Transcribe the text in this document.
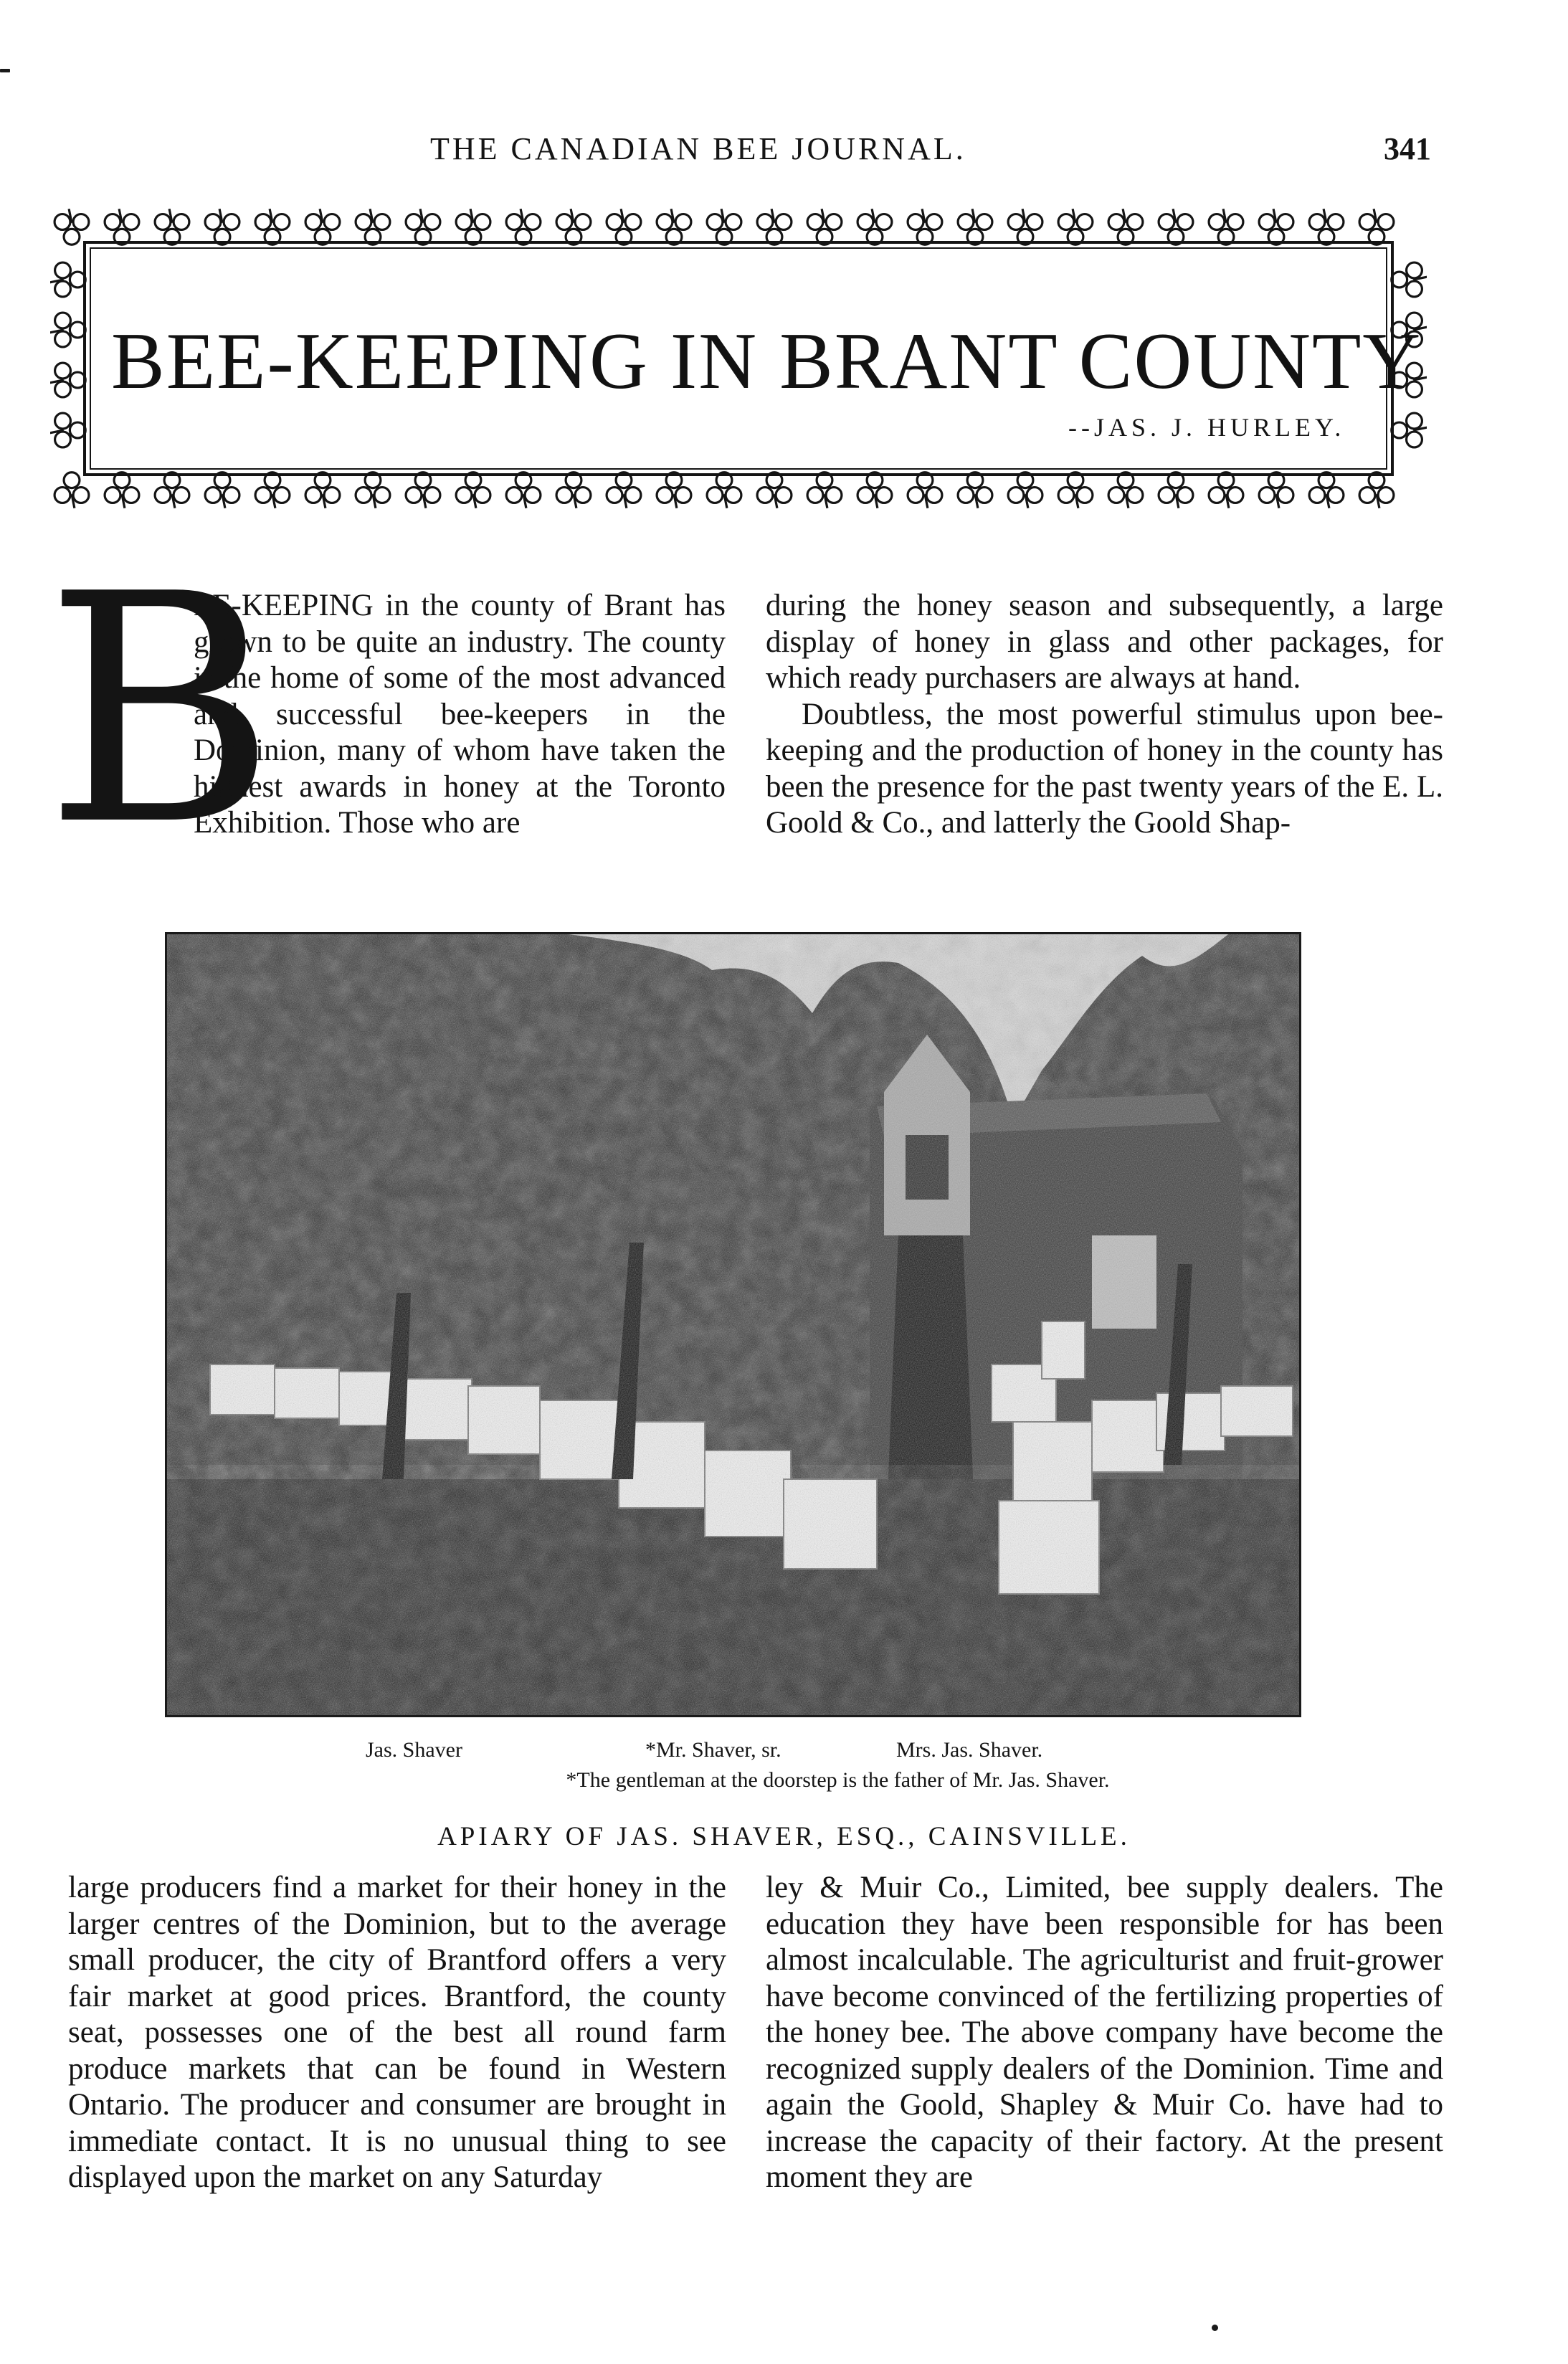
THE CANADIAN BEE JOURNAL.	341
BEE-KEEPING IN BRANT COUNTY
--JAS. J. HURLEY.
B

EE-KEEPING in the county of Brant has grown to be quite an industry. The county is the home of some of the most advanced and successful bee-keepers in the Dominion, many of whom have taken the highest awards in honey at the Toronto Exhibition. Those who are

during the honey season and subsequently, a large display of honey in glass and other packages, for which ready purchasers are always at hand.

Doubtless, the most powerful stimulus upon bee-keeping and the production of honey in the county has been the presence for the past twenty years of the E. L. Goold & Co., and latterly the Goold Shap-

Jas. Shaver	*Mr. Shaver, sr.	Mrs. Jas. Shaver.
*The gentleman at the doorstep is the father of Mr. Jas. Shaver.
APIARY OF JAS. SHAVER, ESQ., CAINSVILLE.

large producers find a market for their honey in the larger centres of the Dominion, but to the average small producer, the city of Brantford offers a very fair market at good prices. Brantford, the county seat, possesses one of the best all round farm produce markets that can be found in Western Ontario. The producer and consumer are brought in immediate contact. It is no unusual thing to see displayed upon the market on any Saturday

ley & Muir Co., Limited, bee supply dealers. The education they have been responsible for has been almost incalculable. The agriculturist and fruit-grower have become convinced of the fertilizing properties of the honey bee. The above company have become the recognized supply dealers of the Dominion. Time and again the Goold, Shapley & Muir Co. have had to increase the capacity of their factory. At the present moment they are
